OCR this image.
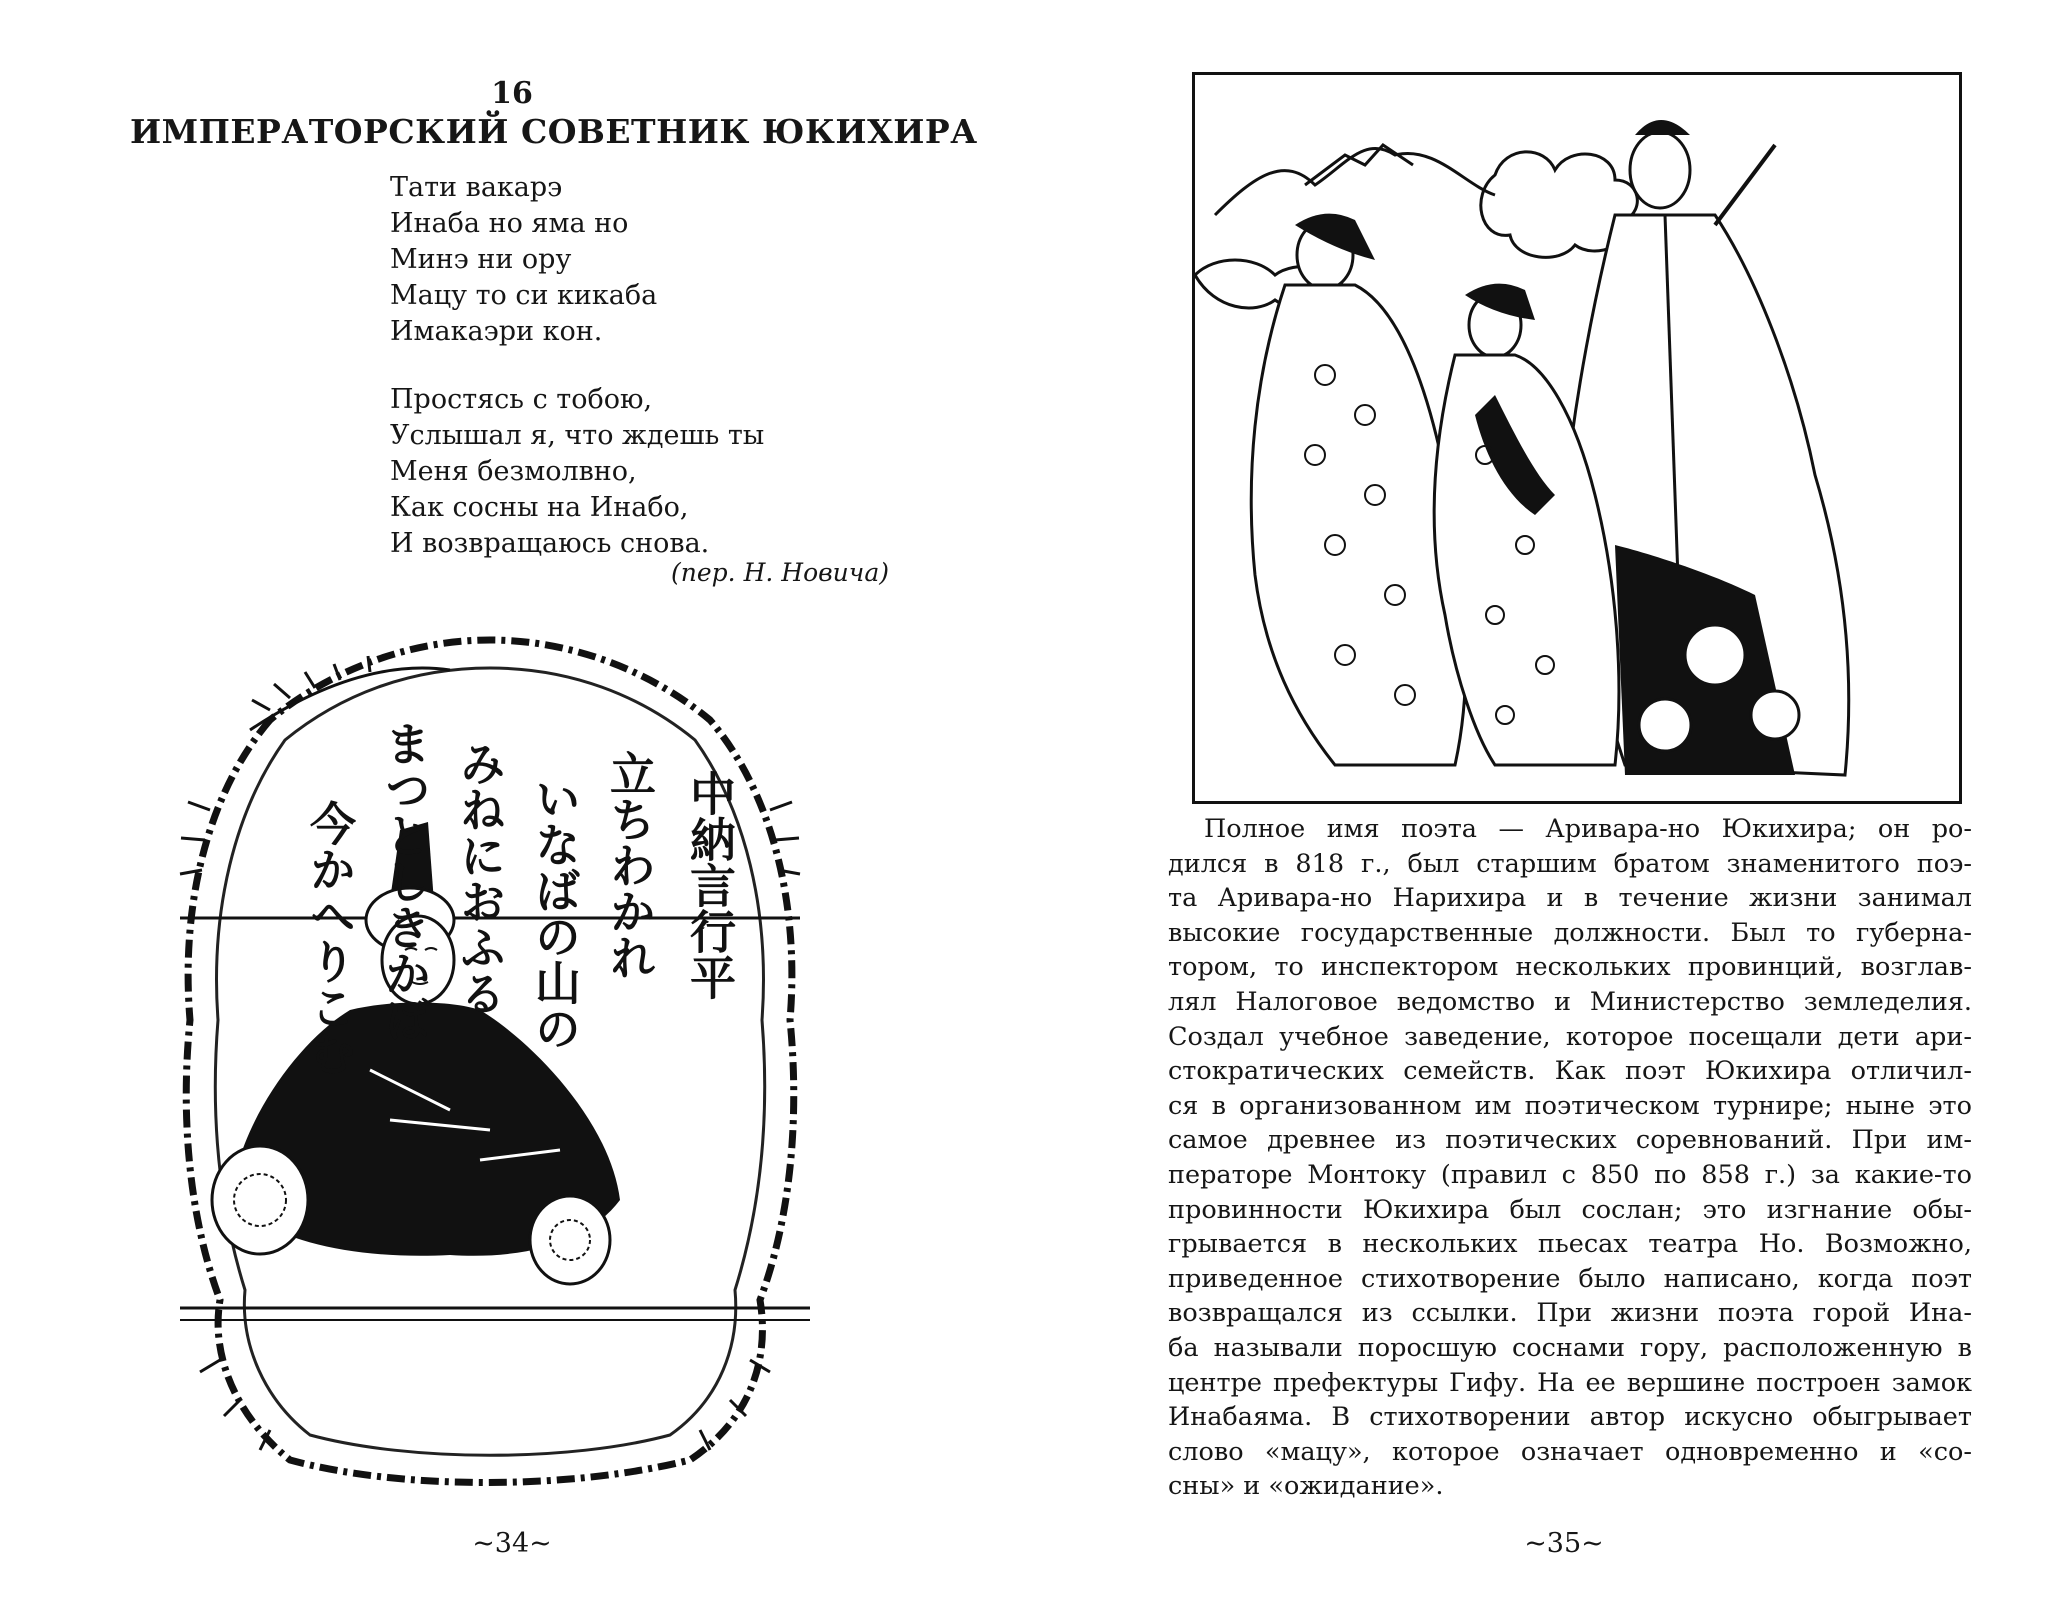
16
ИМПЕРАТОРСКИЙ СОВЕТНИК ЮКИХИРА
Тати вакарэ
Инаба но яма но
Минэ ни ору
Мацу то си кикаба
Имакаэри кон.
Простясь с тобою,
Услышал я, что ждешь ты
Меня безмолвно,
Как сосны на Инабо,
И возвращаюсь снова.
(пер. Н. Новича)
中納言行平
立ちわかれ
いなばの山の
みねにおふる
まつとしきかば
今かへりこむ
~34~
Полное имя поэта — Аривара-но Юкихира; он ро-
дился в 818 г., был старшим братом знаменитого поэ-
та Аривара-но Нарихира и в течение жизни занимал
высокие государственные должности. Был то губерна-
тором, то инспектором нескольких провинций, возглав-
лял Налоговое ведомство и Министерство земледелия.
Создал учебное заведение, которое посещали дети ари-
стократических семейств. Как поэт Юкихира отличил-
ся в организованном им поэтическом турнире; ныне это
самое древнее из поэтических соревнований. При им-
ператоре Монтоку (правил с 850 по 858 г.) за какие-то
провинности Юкихира был сослан; это изгнание обы-
грывается в нескольких пьесах театра Но. Возможно,
приведенное стихотворение было написано, когда поэт
возвращался из ссылки. При жизни поэта горой Ина-
ба называли поросшую соснами гору, расположенную в
центре префектуры Гифу. На ее вершине построен замок
Инабаяма. В стихотворении автор искусно обыгрывает
слово «мацу», которое означает одновременно и «со-
сны» и «ожидание».
~35~
